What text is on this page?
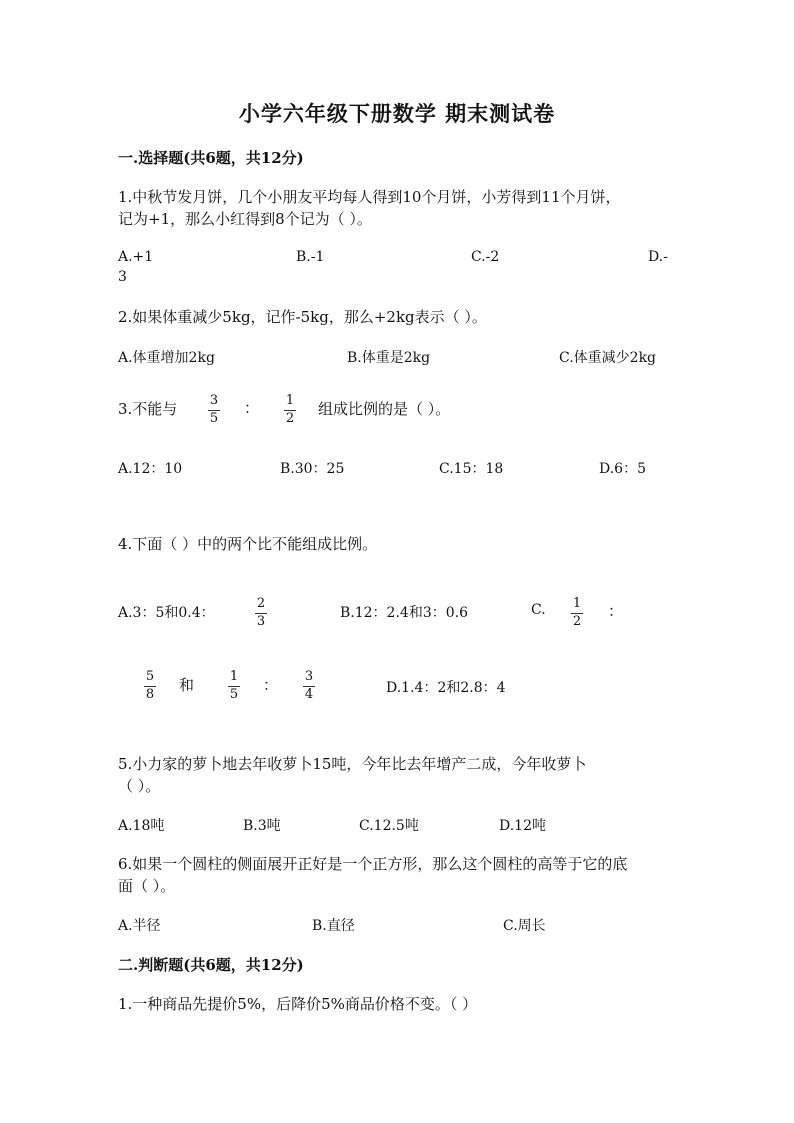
小学六年级下册数学 期末测试卷
一.选择题(共6题，共12分)
1.中秋节发月饼，几个小朋友平均每人得到10个月饼，小芳得到11个月饼，
记为+1，那么小红得到8个记为（ ）。
A.+1	B.-1	C.-2	D.-
3
2.如果体重减少5kg，记作-5kg，那么+2kg表示（ ）。
A.体重增加2kg	B.体重是2kg	C.体重减少2kg
3.不能与	3
5
： 1
2
组成比例的是（ ）。
A.12：10	B.30：25	C.15：18	D.6：5
4.下面（ ）中的两个比不能组成比例。
A.3：5和0.4：
2
3
B.12：2.4和3：0.6	C. 1
2
：
5
8
和	1
5
： 3
4	D.1.4：2和2.8：4
5.小力家的萝卜地去年收萝卜15吨，今年比去年增产二成，今年收萝卜
（ ）。
A.18吨	B.3吨	C.12.5吨	D.12吨
6.如果一个圆柱的侧面展开正好是一个正方形，那么这个圆柱的高等于它的底
面（ ）。
A.半径	B.直径	C.周长
二.判断题(共6题，共12分)
1.一种商品先提价5%，后降价5%商品价格不变。（ ）
